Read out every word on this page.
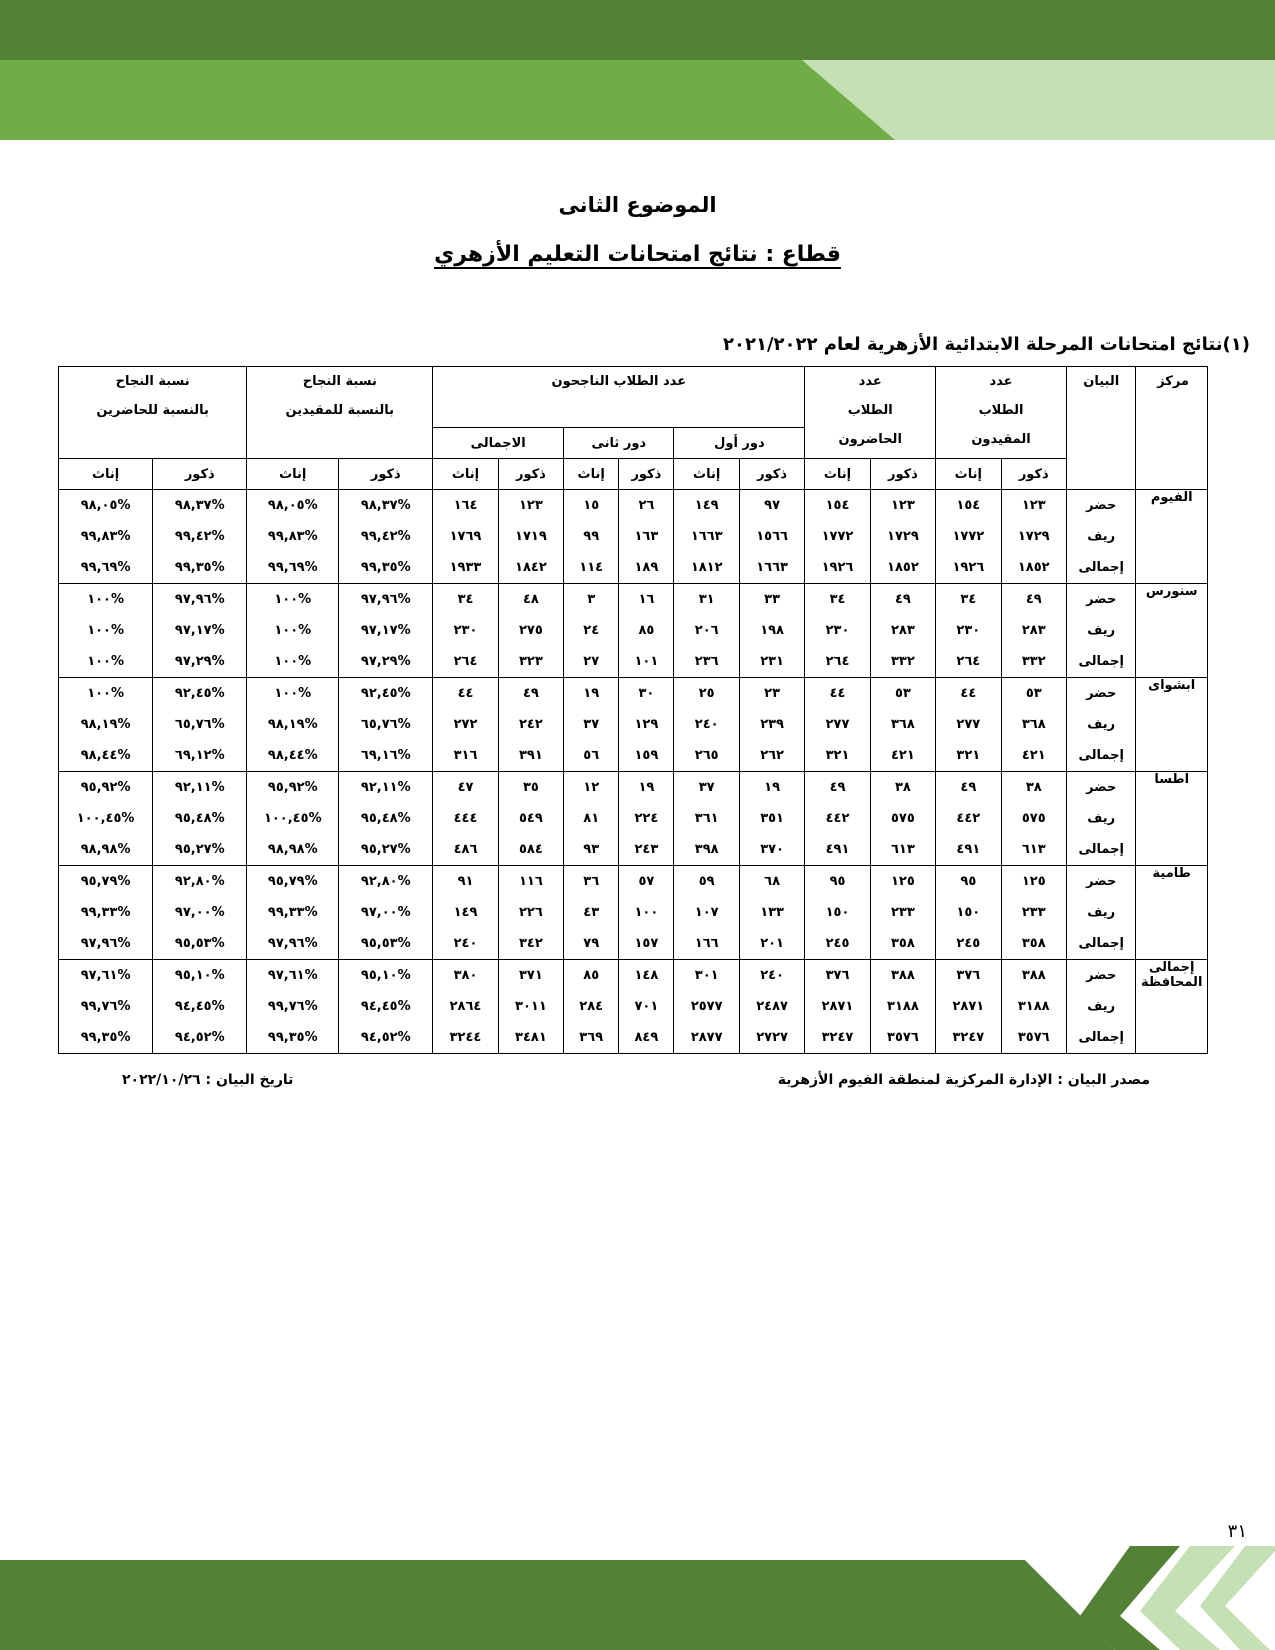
الموضوع الثانى
قطاع : نتائج امتحانات التعليم الأزهري
(١)نتائج امتحانات المرحلة الابتدائية الأزهرية لعام ٢٠٢١/٢٠٢٢
مركز	البيان	عدد الطلاب المقيدون		عدد الطلاب الحاضرون		عدد الطلاب الناجحون						نسبة النجاح بالنسبة للمقيدين		نسبة النجاح بالنسبة للحاضرين	
						دور أول		دور ثانى		الاجمالى					
		ذكور	إناث	ذكور	إناث	ذكور	إناث	ذكور	إناث	ذكور	إناث	ذكور	إناث	ذكور	إناث
الفيوم	حضر	١٢٣	١٥٤	١٢٣	١٥٤	٩٧	١٤٩	٢٦	١٥	١٢٣	١٦٤	%٩٨,٣٧	%٩٨,٠٥	%٩٨,٣٧	%٩٨,٠٥
	ريف	١٧٢٩	١٧٧٢	١٧٢٩	١٧٧٢	١٥٦٦	١٦٦٣	١٦٣	٩٩	١٧١٩	١٧٦٩	%٩٩,٤٢	%٩٩,٨٣	%٩٩,٤٢	%٩٩,٨٣
	إجمالى	١٨٥٢	١٩٢٦	١٨٥٢	١٩٢٦	١٦٦٣	١٨١٢	١٨٩	١١٤	١٨٤٢	١٩٣٣	%٩٩,٣٥	%٩٩,٦٩	%٩٩,٣٥	%٩٩,٦٩
سنورس	حضر	٤٩	٣٤	٤٩	٣٤	٣٣	٣١	١٦	٣	٤٨	٣٤	%٩٧,٩٦	%١٠٠	%٩٧,٩٦	%١٠٠
	ريف	٢٨٣	٢٣٠	٢٨٣	٢٣٠	١٩٨	٢٠٦	٨٥	٢٤	٢٧٥	٢٣٠	%٩٧,١٧	%١٠٠	%٩٧,١٧	%١٠٠
	إجمالى	٣٣٢	٢٦٤	٣٣٢	٢٦٤	٢٣١	٢٣٦	١٠١	٢٧	٣٢٣	٢٦٤	%٩٧,٢٩	%١٠٠	%٩٧,٢٩	%١٠٠
ابشواى	حضر	٥٣	٤٤	٥٣	٤٤	٢٣	٢٥	٣٠	١٩	٤٩	٤٤	%٩٢,٤٥	%١٠٠	%٩٢,٤٥	%١٠٠
	ريف	٣٦٨	٢٧٧	٣٦٨	٢٧٧	٢٣٩	٢٤٠	١٢٩	٣٧	٢٤٢	٢٧٢	%٦٥,٧٦	%٩٨,١٩	%٦٥,٧٦	%٩٨,١٩
	إجمالى	٤٢١	٣٢١	٤٢١	٣٢١	٢٦٢	٢٦٥	١٥٩	٥٦	٣٩١	٣١٦	%٦٩,١٦	%٩٨,٤٤	%٦٩,١٢	%٩٨,٤٤
اطسا	حضر	٣٨	٤٩	٣٨	٤٩	١٩	٣٧	١٩	١٢	٣٥	٤٧	%٩٢,١١	%٩٥,٩٢	%٩٢,١١	%٩٥,٩٢
	ريف	٥٧٥	٤٤٢	٥٧٥	٤٤٢	٣٥١	٣٦١	٢٢٤	٨١	٥٤٩	٤٤٤	%٩٥,٤٨	%١٠٠,٤٥	%٩٥,٤٨	%١٠٠,٤٥
	إجمالى	٦١٣	٤٩١	٦١٣	٤٩١	٣٧٠	٣٩٨	٢٤٣	٩٣	٥٨٤	٤٨٦	%٩٥,٢٧	%٩٨,٩٨	%٩٥,٢٧	%٩٨,٩٨
طامية	حضر	١٢٥	٩٥	١٢٥	٩٥	٦٨	٥٩	٥٧	٣٦	١١٦	٩١	%٩٢,٨٠	%٩٥,٧٩	%٩٢,٨٠	%٩٥,٧٩
	ريف	٢٣٣	١٥٠	٢٣٣	١٥٠	١٣٣	١٠٧	١٠٠	٤٣	٢٢٦	١٤٩	%٩٧,٠٠	%٩٩,٣٣	%٩٧,٠٠	%٩٩,٣٣
	إجمالى	٣٥٨	٢٤٥	٣٥٨	٢٤٥	٢٠١	١٦٦	١٥٧	٧٩	٣٤٢	٢٤٠	%٩٥,٥٣	%٩٧,٩٦	%٩٥,٥٣	%٩٧,٩٦
إجمالى المحافظة	حضر	٣٨٨	٣٧٦	٣٨٨	٣٧٦	٢٤٠	٣٠١	١٤٨	٨٥	٣٧١	٣٨٠	%٩٥,١٠	%٩٧,٦١	%٩٥,١٠	%٩٧,٦١
	ريف	٣١٨٨	٢٨٧١	٣١٨٨	٢٨٧١	٢٤٨٧	٢٥٧٧	٧٠١	٢٨٤	٣٠١١	٢٨٦٤	%٩٤,٤٥	%٩٩,٧٦	%٩٤,٤٥	%٩٩,٧٦
	إجمالى	٣٥٧٦	٣٢٤٧	٣٥٧٦	٣٢٤٧	٢٧٢٧	٢٨٧٧	٨٤٩	٣٦٩	٣٤٨١	٣٢٤٤	%٩٤,٥٢	%٩٩,٣٥	%٩٤,٥٢	%٩٩,٣٥
مصدر البيان : الإدارة المركزية لمنطقة الفيوم الأزهرية
تاريخ البيان : ٢٠٢٢/١٠/٢٦
٣١
